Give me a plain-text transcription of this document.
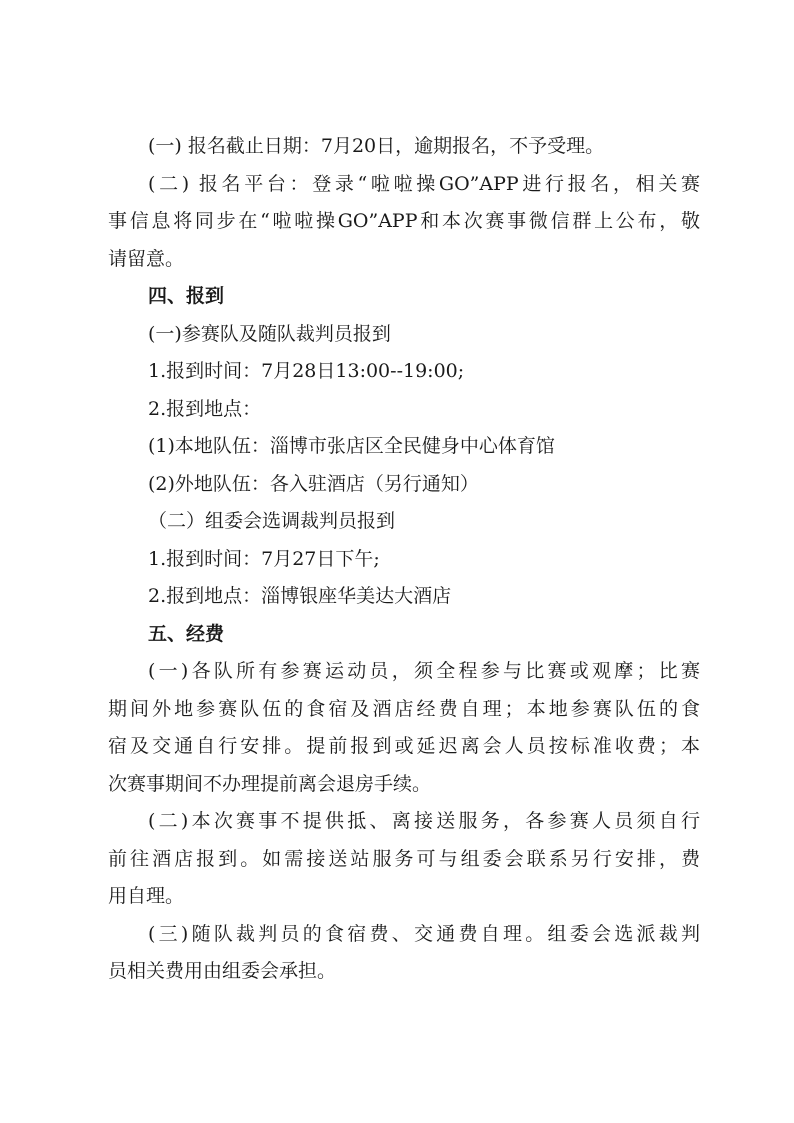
(一) 报名截止日期：7月20日，逾期报名，不予受理。

(二) 报名平台：登录“啦啦操GO”APP进行报名，相关赛

事信息将同步在“啦啦操GO”APP和本次赛事微信群上公布，敬

请留意。

四、报到

(一)参赛队及随队裁判员报到

1.报到时间：7月28日13:00--19:00;

2.报到地点：

(1)本地队伍：淄博市张店区全民健身中心体育馆

(2)外地队伍：各入驻酒店（另行通知）

（二）组委会选调裁判员报到

1.报到时间：7月27日下午;

2.报到地点：淄博银座华美达大酒店

五、经费

(一)各队所有参赛运动员，须全程参与比赛或观摩；比赛

期间外地参赛队伍的食宿及酒店经费自理；本地参赛队伍的食

宿及交通自行安排。提前报到或延迟离会人员按标准收费；本

次赛事期间不办理提前离会退房手续。

(二)本次赛事不提供抵、离接送服务，各参赛人员须自行

前往酒店报到。如需接送站服务可与组委会联系另行安排，费

用自理。

(三)随队裁判员的食宿费、交通费自理。组委会选派裁判

员相关费用由组委会承担。
